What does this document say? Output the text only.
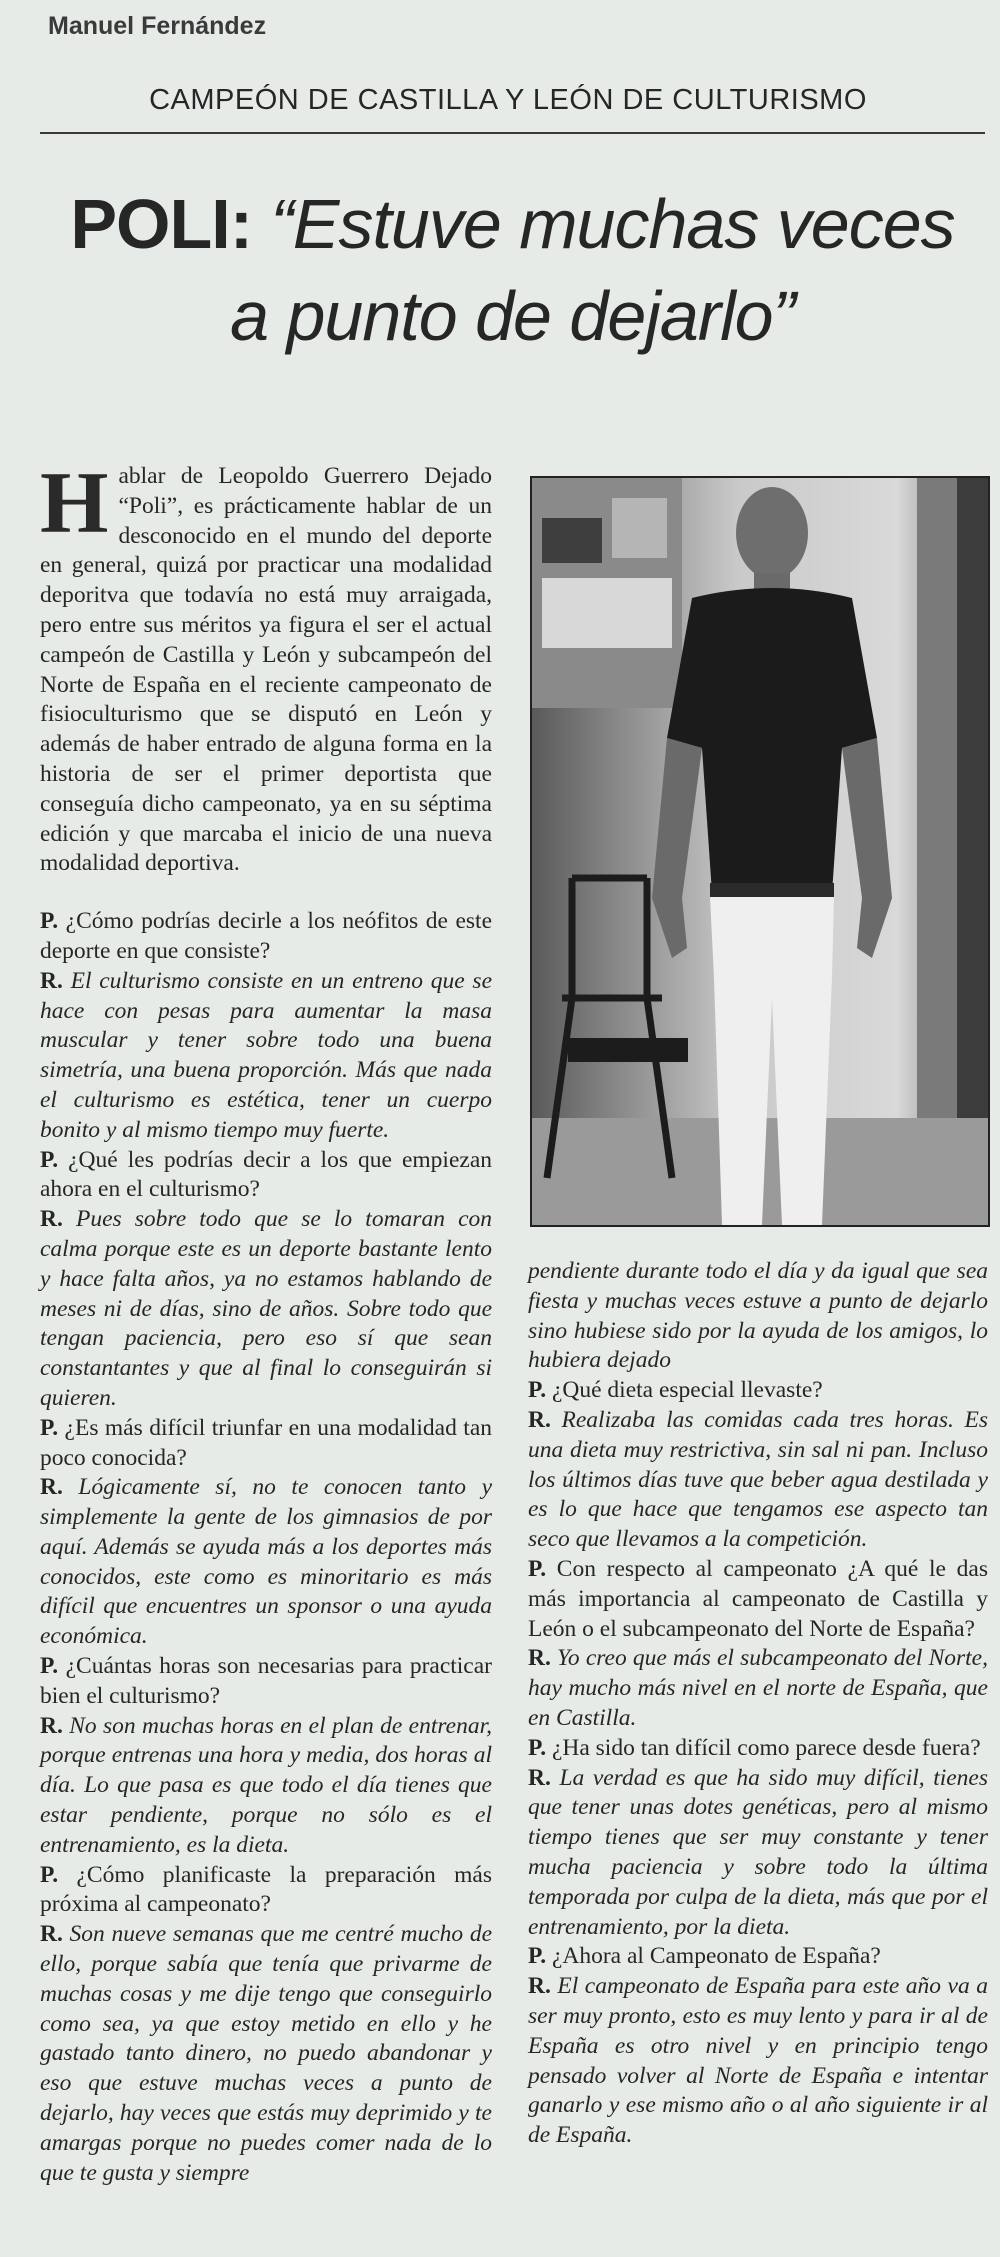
Manuel Fernández
CAMPEÓN DE CASTILLA Y LEÓN DE CULTURISMO
POLI: “Estuve muchas veces
a punto de dejarlo”

Hablar de Leopoldo Guerrero Dejado “Poli”, es prácticamente hablar de un desconocido en el mundo del deporte en general, quizá por practicar una modalidad deporitva que todavía no está muy arraigada, pero entre sus méritos ya figura el ser el actual campeón de Castilla y León y subcampeón del Norte de España en el reciente campeonato de fisioculturismo que se disputó en León y además de haber entrado de alguna forma en la historia de ser el primer deportista que conseguía dicho campeonato, ya en su séptima edición y que marcaba el inicio de una nueva modalidad deportiva.

P. ¿Cómo podrías decirle a los neófitos de este deporte en que consiste?

R. El culturismo consiste en un entreno que se hace con pesas para aumentar la masa muscular y tener sobre todo una buena simetría, una buena proporción. Más que nada el culturismo es estética, tener un cuerpo bonito y al mismo tiempo muy fuerte.

P. ¿Qué les podrías decir a los que empiezan ahora en el culturismo?

R. Pues sobre todo que se lo tomaran con calma porque este es un deporte bastante lento y hace falta años, ya no estamos hablando de meses ni de días, sino de años. Sobre todo que tengan paciencia, pero eso sí que sean constantantes y que al final lo conseguirán si quieren.

P. ¿Es más difícil triunfar en una modalidad tan poco conocida?

R. Lógicamente sí, no te conocen tanto y simplemente la gente de los gimnasios de por aquí. Además se ayuda más a los deportes más conocidos, este como es minoritario es más difícil que encuentres un sponsor o una ayuda económica.

P. ¿Cuántas horas son necesarias para practicar bien el culturismo?

R. No son muchas horas en el plan de entrenar, porque entrenas una hora y media, dos horas al día. Lo que pasa es que todo el día tienes que estar pendiente, porque no sólo es el entrenamiento, es la dieta.

P. ¿Cómo planificaste la preparación más próxima al campeonato?

R. Son nueve semanas que me centré mucho de ello, porque sabía que tenía que privarme de muchas cosas y me dije tengo que conseguirlo como sea, ya que estoy metido en ello y he gastado tanto dinero, no puedo abandonar y eso que estuve muchas veces a punto de dejarlo, hay veces que estás muy deprimido y te amargas porque no puedes comer nada de lo que te gusta y siempre

pendiente durante todo el día y da igual que sea fiesta y muchas veces estuve a punto de dejarlo sino hubiese sido por la ayuda de los amigos, lo hubiera dejado

P. ¿Qué dieta especial llevaste?

R. Realizaba las comidas cada tres horas. Es una dieta muy restrictiva, sin sal ni pan. Incluso los últimos días tuve que beber agua destilada y es lo que hace que tengamos ese aspecto tan seco que llevamos a la competición.

P. Con respecto al campeonato ¿A qué le das más importancia al campeonato de Castilla y León o el subcampeonato del Norte de España?

R. Yo creo que más el subcampeonato del Norte, hay mucho más nivel en el norte de España, que en Castilla.

P. ¿Ha sido tan difícil como parece desde fuera?

R. La verdad es que ha sido muy difícil, tienes que tener unas dotes genéticas, pero al mismo tiempo tienes que ser muy constante y tener mucha paciencia y sobre todo la última temporada por culpa de la dieta, más que por el entrenamiento, por la dieta.

P. ¿Ahora al Campeonato de España?

R. El campeonato de España para este año va a ser muy pronto, esto es muy lento y para ir al de España es otro nivel y en principio tengo pensado volver al Norte de España e intentar ganarlo y ese mismo año o al año siguiente ir al de España.
